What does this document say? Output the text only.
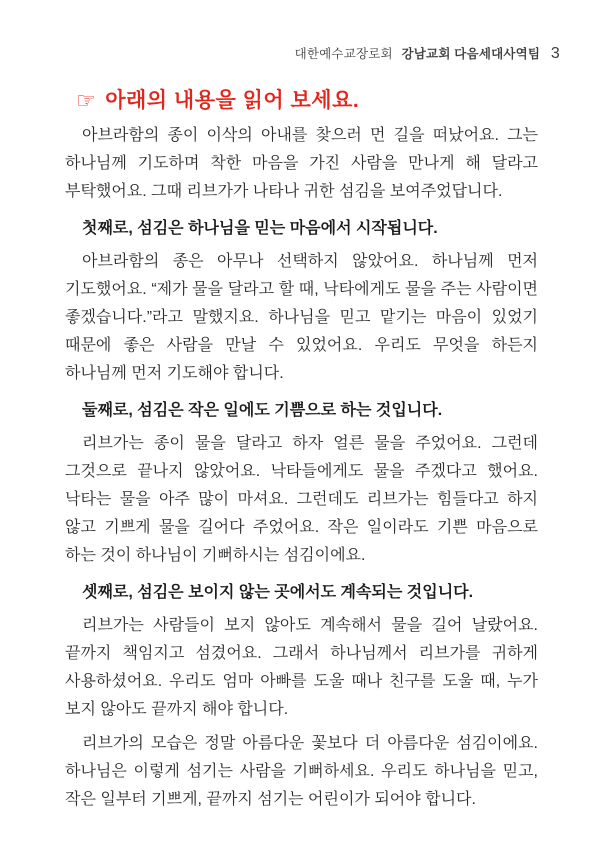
대한예수교장로회 강남교회 다음세대사역팀 3
☞ 아래의 내용을 읽어 보세요.

아브라함의 종이 이삭의 아내를 찾으러 먼 길을 떠났어요. 그는 하나님께 기도하며 착한 마음을 가진 사람을 만나게 해 달라고 부탁했어요. 그때 리브가가 나타나 귀한 섬김을 보여주었답니다.

첫째로, 섬김은 하나님을 믿는 마음에서 시작됩니다.

아브라함의 종은 아무나 선택하지 않았어요. 하나님께 먼저 기도했어요. “제가 물을 달라고 할 때, 낙타에게도 물을 주는 사람이면 좋겠습니다.”라고 말했지요. 하나님을 믿고 맡기는 마음이 있었기 때문에 좋은 사람을 만날 수 있었어요. 우리도 무엇을 하든지 하나님께 먼저 기도해야 합니다.

둘째로, 섬김은 작은 일에도 기쁨으로 하는 것입니다.

리브가는 종이 물을 달라고 하자 얼른 물을 주었어요. 그런데 그것으로 끝나지 않았어요. 낙타들에게도 물을 주겠다고 했어요. 낙타는 물을 아주 많이 마셔요. 그런데도 리브가는 힘들다고 하지 않고 기쁘게 물을 길어다 주었어요. 작은 일이라도 기쁜 마음으로 하는 것이 하나님이 기뻐하시는 섬김이에요.

셋째로, 섬김은 보이지 않는 곳에서도 계속되는 것입니다.

리브가는 사람들이 보지 않아도 계속해서 물을 길어 날랐어요. 끝까지 책임지고 섬겼어요. 그래서 하나님께서 리브가를 귀하게 사용하셨어요. 우리도 엄마 아빠를 도울 때나 친구를 도울 때, 누가 보지 않아도 끝까지 해야 합니다.

리브가의 모습은 정말 아름다운 꽃보다 더 아름다운 섬김이에요. 하나님은 이렇게 섬기는 사람을 기뻐하세요. 우리도 하나님을 믿고, 작은 일부터 기쁘게, 끝까지 섬기는 어린이가 되어야 합니다.
